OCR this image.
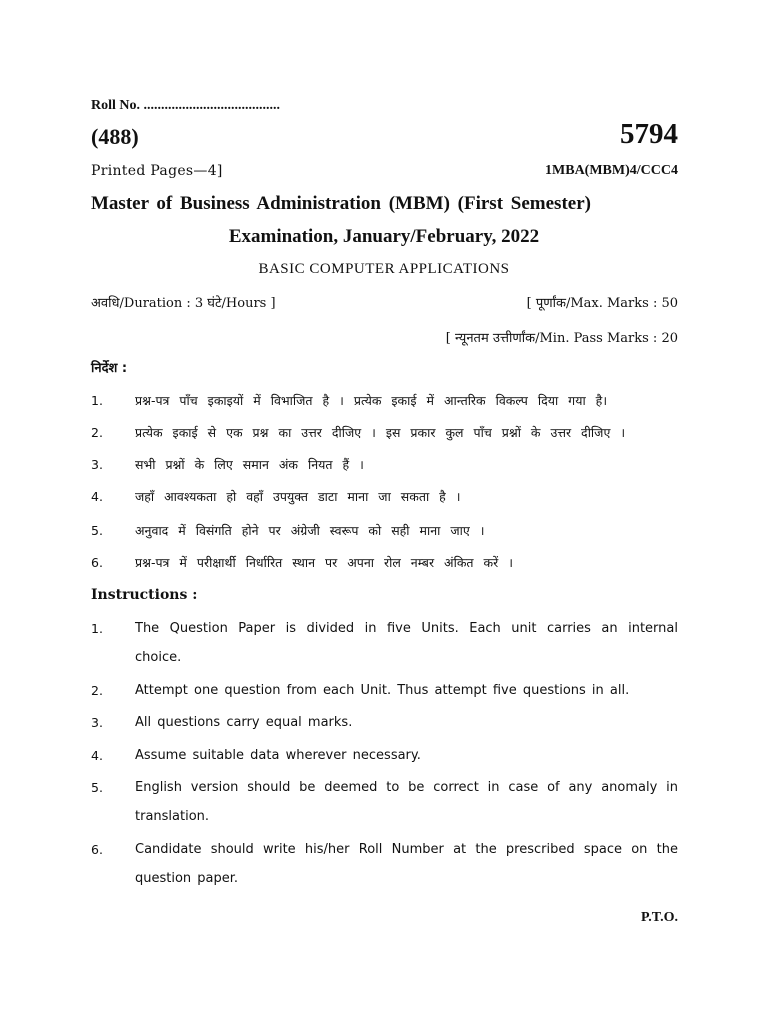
Roll No. .......................................
(488)	5794
Printed Pages—4]	1MBA(MBM)4/CCC4
Master of Business Administration (MBM) (First Semester)
Examination, January/February, 2022
BASIC COMPUTER APPLICATIONS
अवधि/Duration : 3 घंटे/Hours ]	[ पूर्णांक/Max. Marks : 50
[ न्यूनतम उत्तीर्णांक/Min. Pass Marks : 20
निर्देश :
1.	प्रश्न-पत्र पाँच इकाइयों में विभाजित है । प्रत्येक इकाई में आन्तरिक विकल्प दिया गया है।
2.	प्रत्येक इकाई से एक प्रश्न का उत्तर दीजिए । इस प्रकार कुल पाँच प्रश्नों के उत्तर दीजिए ।
3.	सभी प्रश्नों के लिए समान अंक नियत हैं ।
4.	जहाँ आवश्यकता हो वहाँ उपयुक्त डाटा माना जा सकता है ।
5.	अनुवाद में विसंगति होने पर अंग्रेजी स्वरूप को सही माना जाए ।
6.	प्रश्न-पत्र में परीक्षार्थी निर्धारित स्थान पर अपना रोल नम्बर अंकित करें ।
Instructions :
1. The Question Paper is divided in five Units. Each unit carries an internal choice.
2. Attempt one question from each Unit. Thus attempt five questions in all.
3. All questions carry equal marks.
4. Assume suitable data wherever necessary.
5. English version should be deemed to be correct in case of any anomaly in translation.
6. Candidate should write his/her Roll Number at the prescribed space on the question paper.
P.T.O.
